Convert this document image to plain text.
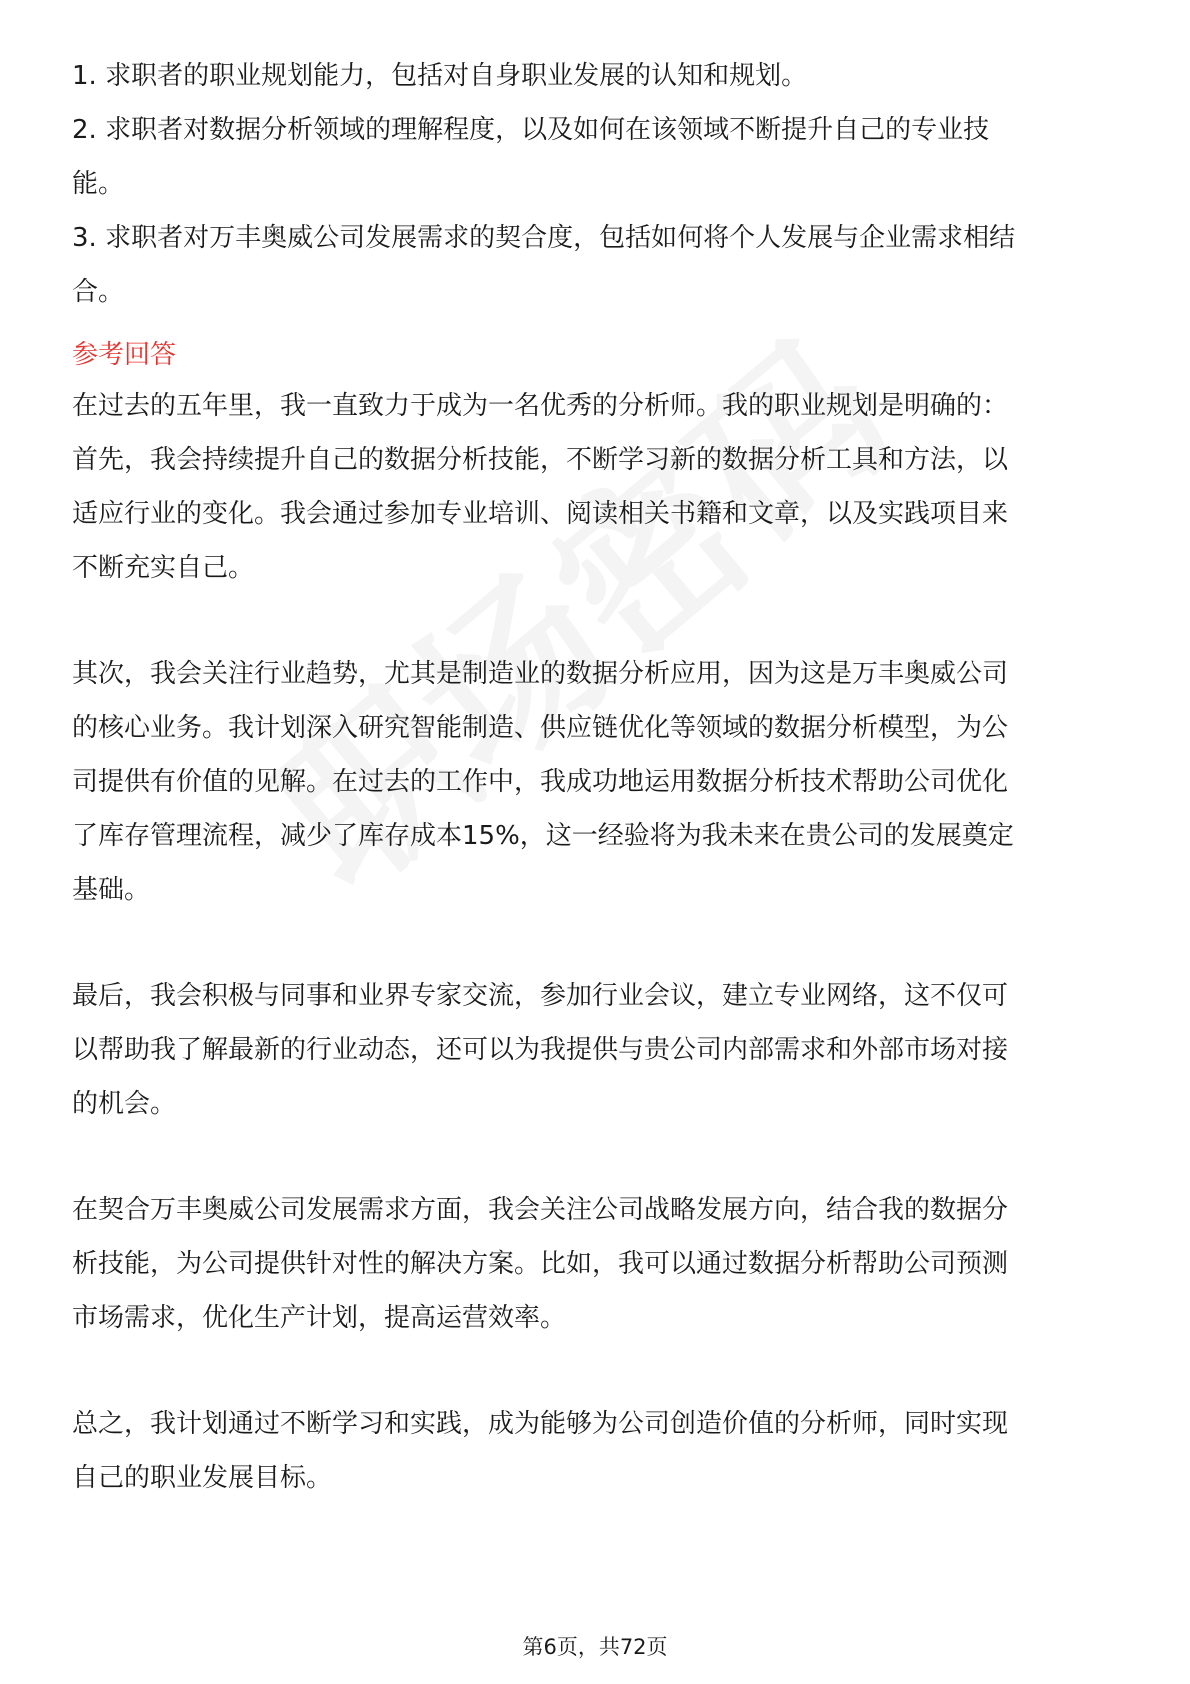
1. 求职者的职业规划能力，包括对自身职业发展的认知和规划。
2. 求职者对数据分析领域的理解程度，以及如何在该领域不断提升自己的专业技
能。
3. 求职者对万丰奥威公司发展需求的契合度，包括如何将个人发展与企业需求相结
合。
参考回答
在过去的五年里，我一直致力于成为一名优秀的分析师。我的职业规划是明确的：
首先，我会持续提升自己的数据分析技能，不断学习新的数据分析工具和方法，以
适应行业的变化。我会通过参加专业培训、阅读相关书籍和文章，以及实践项目来
不断充实自己。
其次，我会关注行业趋势，尤其是制造业的数据分析应用，因为这是万丰奥威公司
的核心业务。我计划深入研究智能制造、供应链优化等领域的数据分析模型，为公
司提供有价值的见解。在过去的工作中，我成功地运用数据分析技术帮助公司优化
了库存管理流程，减少了库存成本15%，这一经验将为我未来在贵公司的发展奠定
基础。
最后，我会积极与同事和业界专家交流，参加行业会议，建立专业网络，这不仅可
以帮助我了解最新的行业动态，还可以为我提供与贵公司内部需求和外部市场对接
的机会。
在契合万丰奥威公司发展需求方面，我会关注公司战略发展方向，结合我的数据分
析技能，为公司提供针对性的解决方案。比如，我可以通过数据分析帮助公司预测
市场需求，优化生产计划，提高运营效率。
总之，我计划通过不断学习和实践，成为能够为公司创造价值的分析师，同时实现
自己的职业发展目标。
第6页，共72页
